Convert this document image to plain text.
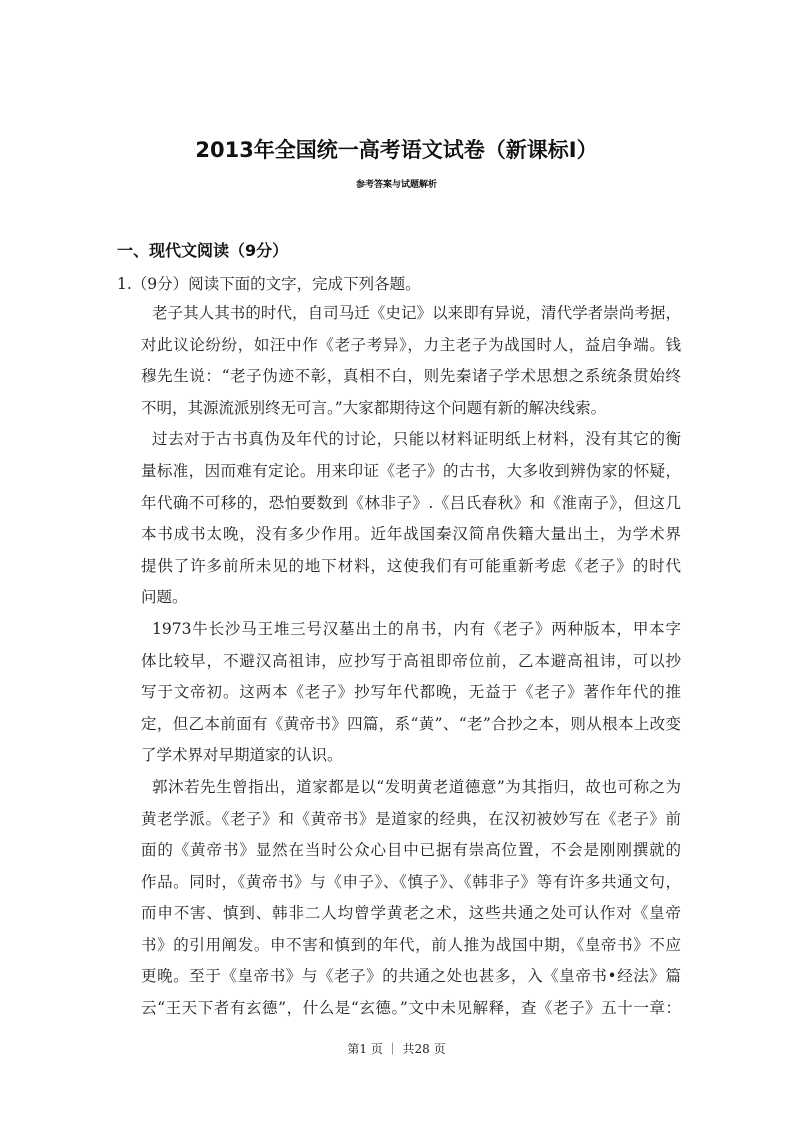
2013年全国统一高考语文试卷（新课标Ⅰ）
参考答案与试题解析
一、现代文阅读（9分）
1.（9分）阅读下面的文字，完成下列各题。
老子其人其书的时代，自司马迁《史记》以来即有异说，清代学者崇尚考据，
对此议论纷纷，如汪中作《老子考异》，力主老子为战国时人，益启争端。钱
穆先生说：“老子伪迹不彰，真相不白，则先秦诸子学术思想之系统条贯始终
不明，其源流派别终无可言。”大家都期待这个问题有新的解决线索。
过去对于古书真伪及年代的讨论，只能以材料证明纸上材料，没有其它的衡
量标准，因而难有定论。用来印证《老子》的古书，大多收到辨伪家的怀疑，
年代确不可移的，恐怕要数到《林非子》.《吕氏春秋》和《淮南子》，但这几
本书成书太晚，没有多少作用。近年战国秦汉简帛佚籍大量出土，为学术界
提供了许多前所未见的地下材料，这使我们有可能重新考虑《老子》的时代
问题。
1973牛长沙马王堆三号汉墓出土的帛书，内有《老子》两种版本，甲本字
体比较早，不避汉高祖讳，应抄写于高祖即帝位前，乙本避高祖讳，可以抄
写于文帝初。这两本《老子》抄写年代都晚，无益于《老子》著作年代的推
定，但乙本前面有《黄帝书》四篇，系“黄”、“老”合抄之本，则从根本上改变
了学术界对早期道家的认识。
郭沐若先生曾指出，道家都是以“发明黄老道德意”为其指归，故也可称之为
黄老学派。《老子》和《黄帝书》是道家的经典，在汉初被妙写在《老子》前
面的《黄帝书》显然在当时公众心目中已据有崇高位置，不会是刚刚撰就的
作品。同时，《黄帝书》与《申子》、《慎子》、《韩非子》等有许多共通文句，
而申不害、慎到、韩非二人均曾学黄老之术，这些共通之处可认作对《皇帝
书》的引用阐发。申不害和慎到的年代，前人推为战国中期，《皇帝书》不应
更晚。至于《皇帝书》与《老子》的共通之处也甚多，入《皇帝书•经法》篇
云“王天下者有玄德”，什么是“玄德。”文中未见解释，查《老子》五十一章：
第1 页 ｜ 共28 页
